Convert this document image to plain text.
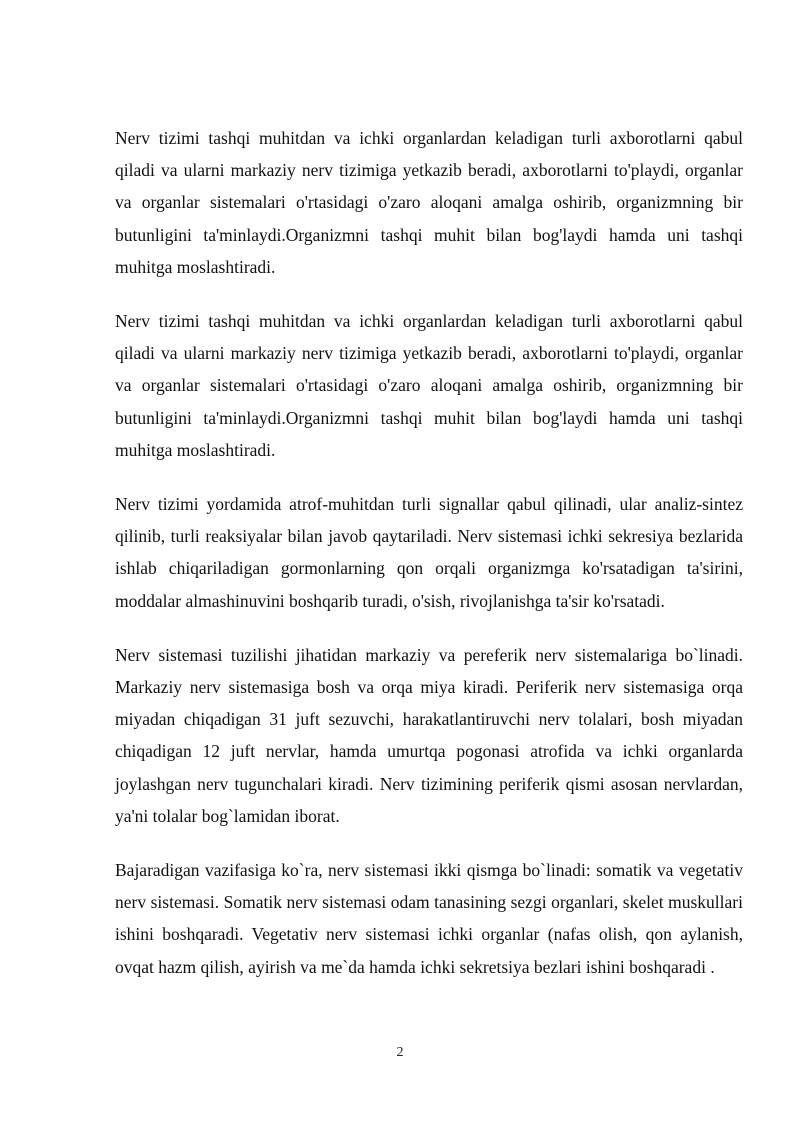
Nerv tizimi tashqi muhitdan va ichki organlardan keladigan turli axborotlarni qabul qiladi va ularni markaziy nerv tizimiga yetkazib beradi, axborotlarni to'playdi, organlar va organlar sistemalari o'rtasidagi o'zaro aloqani amalga oshirib, organizmning bir butunligini ta'minlaydi.Organizmni tashqi muhit bilan bog'laydi hamda uni tashqi muhitga moslashtiradi.

Nerv tizimi tashqi muhitdan va ichki organlardan keladigan turli axborotlarni qabul qiladi va ularni markaziy nerv tizimiga yetkazib beradi, axborotlarni to'playdi, organlar va organlar sistemalari o'rtasidagi o'zaro aloqani amalga oshirib, organizmning bir butunligini ta'minlaydi.Organizmni tashqi muhit bilan bog'laydi hamda uni tashqi muhitga moslashtiradi.

Nerv tizimi yordamida atrof-muhitdan turli signallar qabul qilinadi, ular analiz-sintez qilinib, turli reaksiyalar bilan javob qaytariladi. Nerv sistemasi ichki sekresiya bezlarida ishlab chiqariladigan gormonlarning qon orqali organizmga ko'rsatadigan ta'sirini, moddalar almashinuvini boshqarib turadi, o'sish, rivojlanishga ta'sir ko'rsatadi.

Nerv sistemasi tuzilishi jihatidan markaziy va pereferik nerv sistemalariga bo`linadi. Markaziy nerv sistemasiga bosh va orqa miya kiradi. Periferik nerv sistemasiga orqa miyadan chiqadigan 31 juft sezuvchi, harakatlantiruvchi nerv tolalari, bosh miyadan chiqadigan 12 juft nervlar, hamda umurtqa pogonasi atrofida va ichki organlarda joylashgan nerv tugunchalari kiradi. Nerv tizimining periferik qismi asosan nervlardan, ya'ni tolalar bog`lamidan iborat.

Bajaradigan vazifasiga ko`ra, nerv sistemasi ikki qismga bo`linadi: somatik va vegetativ nerv sistemasi. Somatik nerv sistemasi odam tanasining sezgi organlari, skelet muskullari ishini boshqaradi. Vegetativ nerv sistemasi ichki organlar (nafas olish, qon aylanish, ovqat hazm qilish, ayirish va me`da hamda ichki sekretsiya bezlari ishini boshqaradi .

2
